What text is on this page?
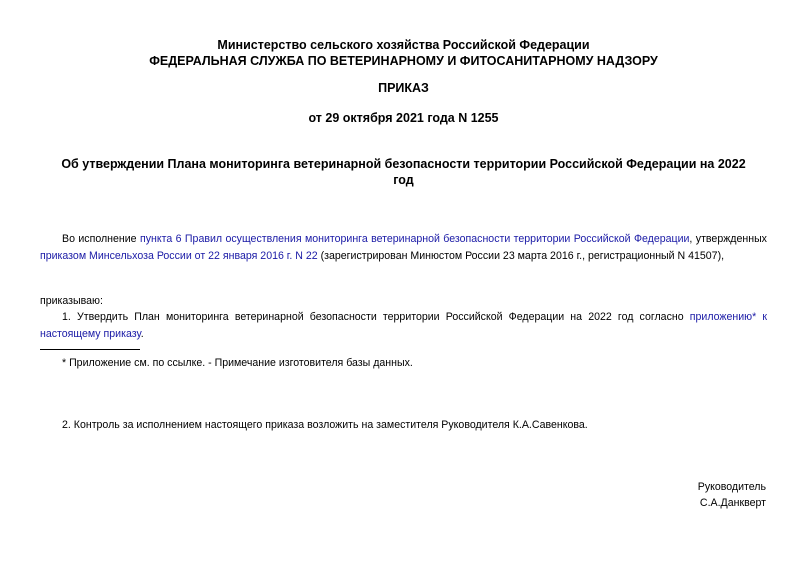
Министерство сельского хозяйства Российской Федерации
ФЕДЕРАЛЬНАЯ СЛУЖБА ПО ВЕТЕРИНАРНОМУ И ФИТОСАНИТАРНОМУ НАДЗОРУ
ПРИКАЗ
от 29 октября 2021 года N 1255
Об утверждении Плана мониторинга ветеринарной безопасности территории Российской Федерации на 2022 год
Во исполнение пункта 6 Правил осуществления мониторинга ветеринарной безопасности территории Российской Федерации, утвержденных приказом Минсельхоза России от 22 января 2016 г. N 22 (зарегистрирован Минюстом России 23 марта 2016 г., регистрационный N 41507),
приказываю:
1. Утвердить План мониторинга ветеринарной безопасности территории Российской Федерации на 2022 год согласно приложению* к настоящему приказу.
* Приложение см. по ссылке. - Примечание изготовителя базы данных.
2. Контроль за исполнением настоящего приказа возложить на заместителя Руководителя К.А.Савенкова.
Руководитель
С.А.Данкверт
